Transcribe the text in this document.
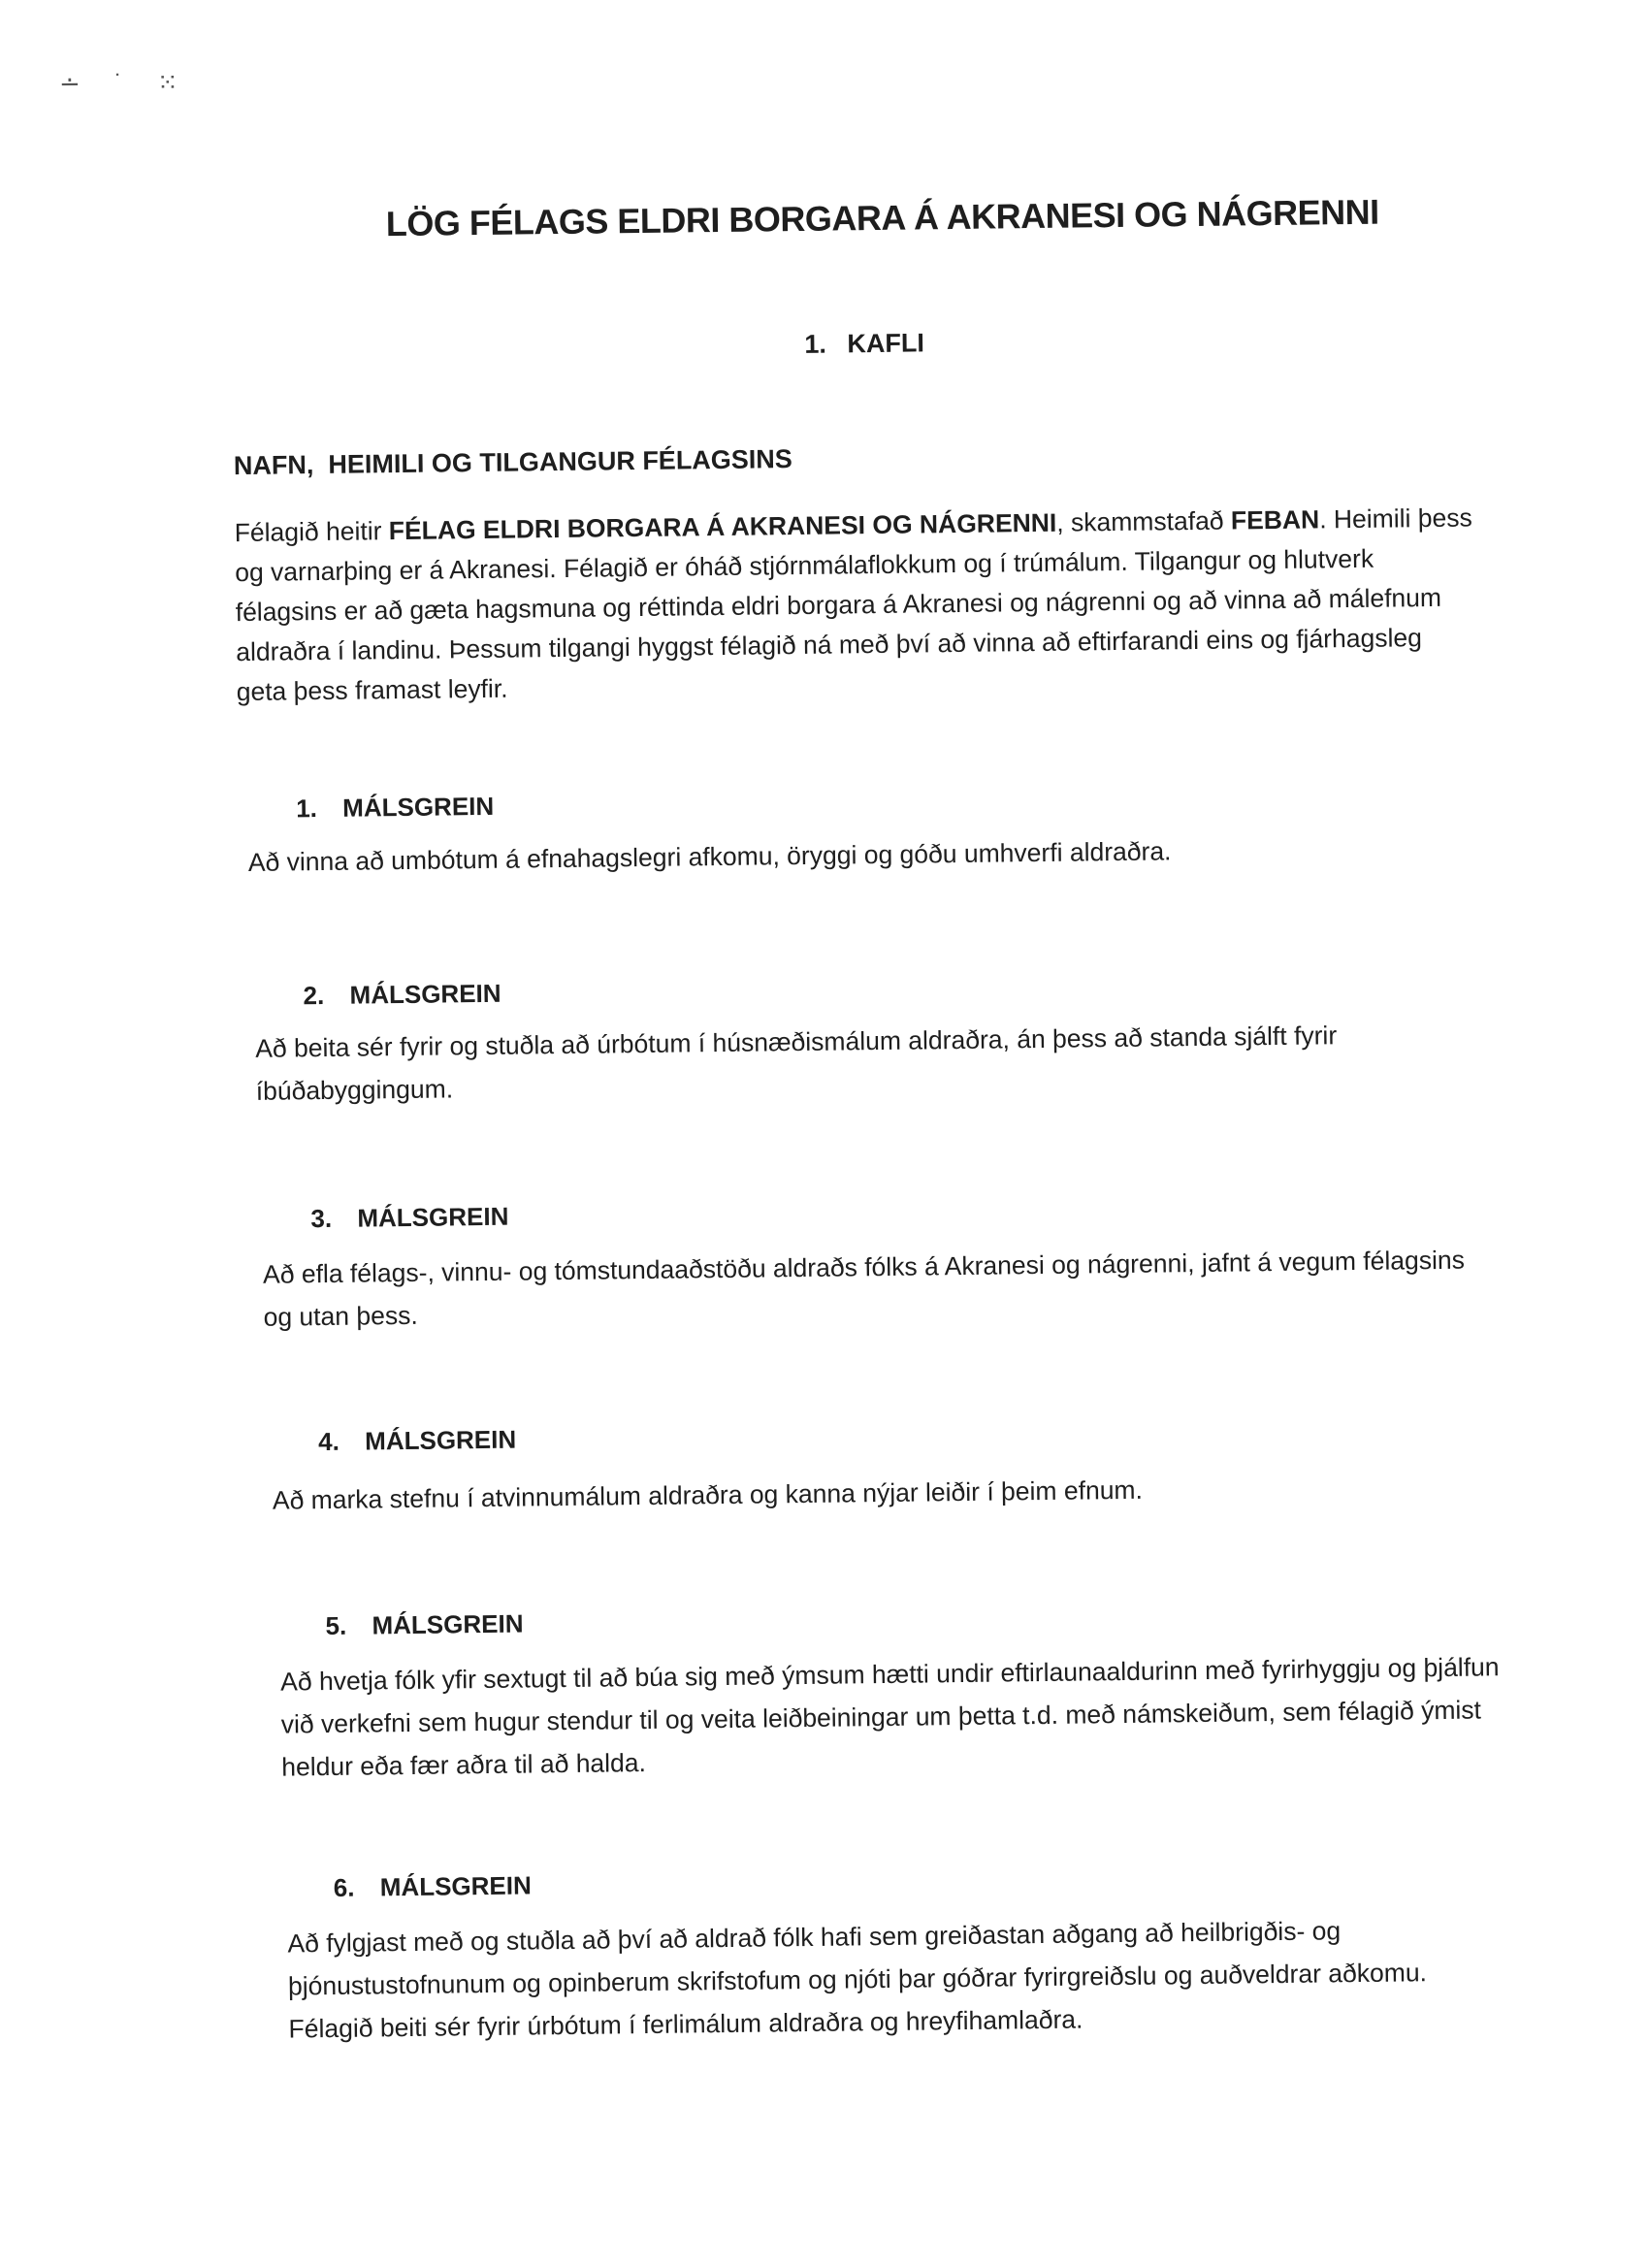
∸ ˙ ⁙
LÖG FÉLAGS ELDRI BORGARA Á AKRANESI OG NÁGRENNI
1. KAFLI
NAFN,  HEIMILI OG TILGANGUR FÉLAGSINS

Félagið heitir FÉLAG ELDRI BORGARA Á AKRANESI OG NÁGRENNI, skammstafað FEBAN. Heimili þess og varnarþing er á Akranesi. Félagið er óháð stjórnmálaflokkum og í trúmálum. Tilgangur og hlutverk félagsins er að gæta hagsmuna og réttinda eldri borgara á Akranesi og nágrenni og að vinna að málefnum aldraðra í landinu. Þessum tilgangi hyggst félagið ná með því að vinna að eftirfarandi eins og fjárhagsleg geta þess framast leyfir.

1. MÁLSGREIN

Að vinna að umbótum á efnahagslegri afkomu, öryggi og góðu umhverfi aldraðra.

2. MÁLSGREIN

Að beita sér fyrir og stuðla að úrbótum í húsnæðismálum aldraðra, án þess að standa sjálft fyrir íbúðabyggingum.

3. MÁLSGREIN

Að efla félags-, vinnu- og tómstundaaðstöðu aldraðs fólks á Akranesi og nágrenni, jafnt á vegum félagsins og utan þess.

4. MÁLSGREIN

Að marka stefnu í atvinnumálum aldraðra og kanna nýjar leiðir í þeim efnum.

5. MÁLSGREIN

Að hvetja fólk yfir sextugt til að búa sig með ýmsum hætti undir eftirlaunaaldurinn með fyrirhyggju og þjálfun við verkefni sem hugur stendur til og veita leiðbeiningar um þetta t.d. með námskeiðum, sem félagið ýmist heldur eða fær aðra til að halda.

6. MÁLSGREIN

Að fylgjast með og stuðla að því að aldrað fólk hafi sem greiðastan aðgang að heilbrigðis- og þjónustustofnunum og opinberum skrifstofum og njóti þar góðrar fyrirgreiðslu og auðveldrar aðkomu. Félagið beiti sér fyrir úrbótum í ferlimálum aldraðra og hreyfihamlaðra.
